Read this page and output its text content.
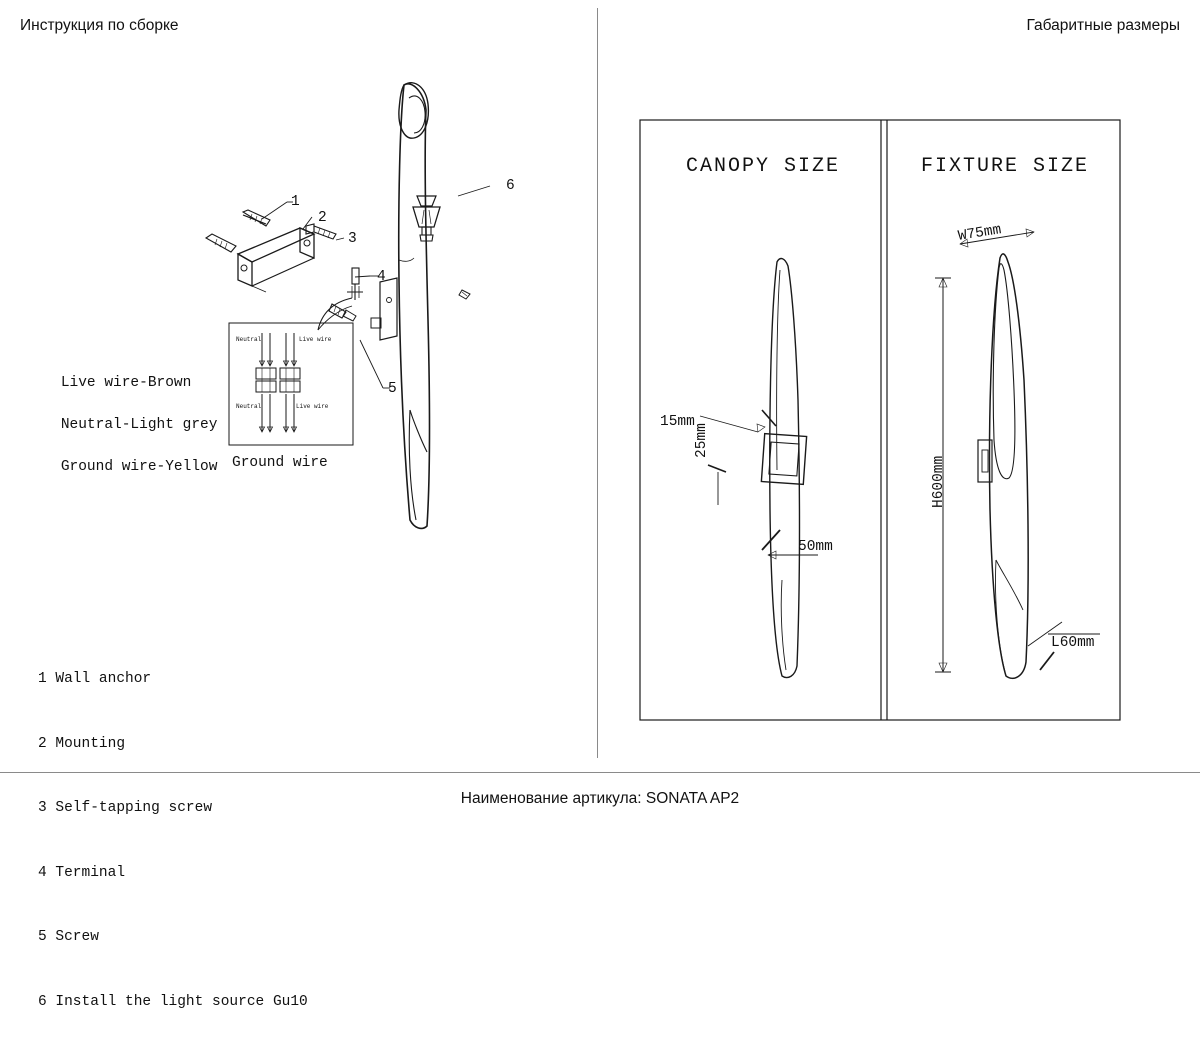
Инструкция по сборке	Габаритные размеры
1
2
3
4
5
6
Neutral	Live wire
Neutral	Live wire

Live wire-Brown

Neutral-Light grey

Ground wire-Yellow
Ground wire

1 Wall anchor

2 Mounting

3 Self-tapping screw

4 Terminal

5 Screw

6 Install the light source Gu10

CANOPY SIZE	FIXTURE SIZE
15mm
25mm
50mm
W75mm
H600mm
L60mm
Наименование артикула: SONATA AP2
